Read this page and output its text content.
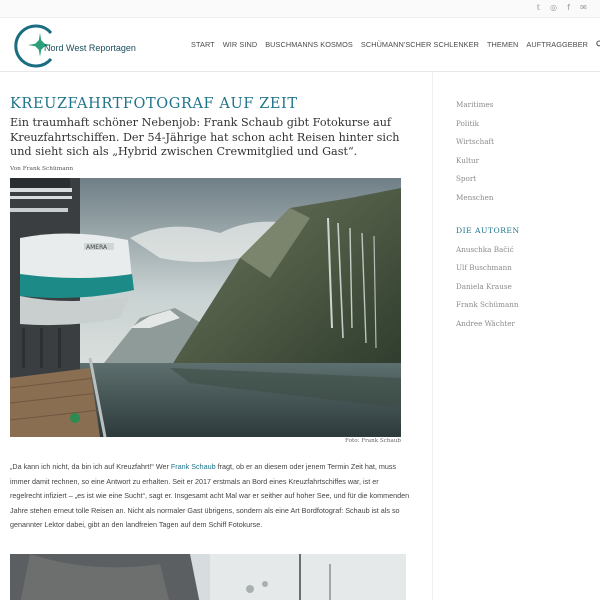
𝕥	◎	f	✉
Nord West Reportagen	START WIR SIND BUSCHMANNS KOSMOS SCHÜMANN'SCHER SCHLENKER THEMEN AUFTRAGGEBER
KREUZFAHRTFOTOGRAF AUF ZEIT

Ein traumhaft schöner Nebenjob: Frank Schaub gibt Fotokurse auf Kreuzfahrtschiffen. Der 54-Jährige hat schon acht Reisen hinter sich und sieht sich als „Hybrid zwischen Crewmitglied und Gast“.

Von Frank Schümann

AMERA
Foto: Frank Schaub

„Da kann ich nicht, da bin ich auf Kreuzfahrt!“ Wer Frank Schaub fragt, ob er an diesem oder jenem Termin Zeit hat, muss immer damit rechnen, so eine Antwort zu erhalten. Seit er 2017 erstmals an Bord eines Kreuzfahrtschiffes war, ist er regelrecht infiziert – „es ist wie eine Sucht“, sagt er. Insgesamt acht Mal war er seither auf hoher See, und für die kommenden Jahre stehen erneut tolle Reisen an. Nicht als normaler Gast übrigens, sondern als eine Art Bordfotograf: Schaub ist als so genannter Lektor dabei, gibt an den landfreien Tagen auf dem Schiff Fotokurse.

Maritimes
Politik
Wirtschaft
Kultur
Sport
Menschen
DIE AUTOREN
Anuschka Bačić
Ulf Buschmann
Daniela Krause
Frank Schümann
Andree Wächter
